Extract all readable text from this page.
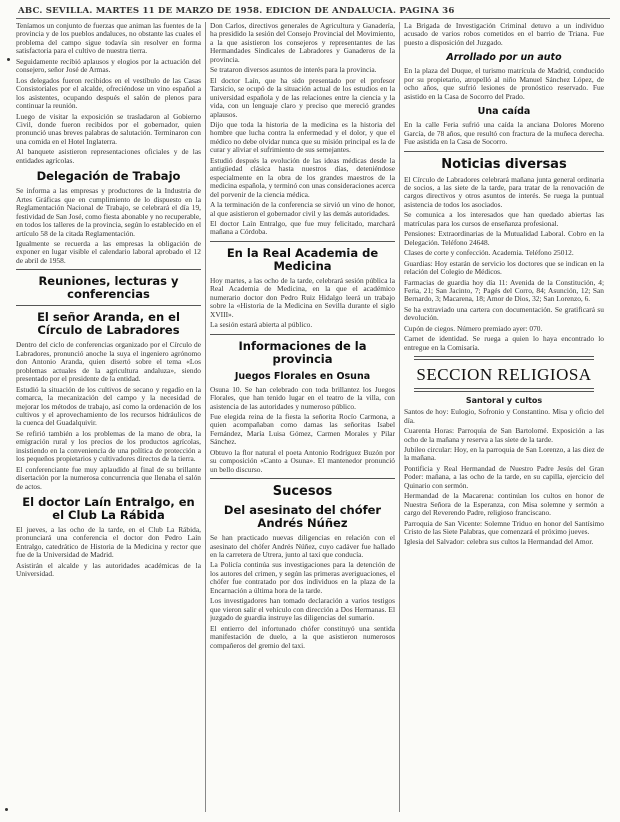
ABC. SEVILLA. MARTES 11 DE MARZO DE 1958. EDICION DE ANDALUCIA. PAGINA 36

Teníamos un conjunto de fuerzas que animan las fuentes de la provincia y de los pueblos andaluces, no obstante las cuales el problema del campo sigue todavía sin resolver en forma satisfactoria para el cultivo de nuestra tierra.

Seguidamente recibió aplausos y elogios por la actuación del consejero, señor José de Armas.

Los delegados fueron recibidos en el vestíbulo de las Casas Consistoriales por el alcalde, ofreciéndose un vino español a los asistentes, ocupando después el salón de plenos para continuar la reunión.

Luego de visitar la exposición se trasladaron al Gobierno Civil, donde fueron recibidos por el gobernador, quien pronunció unas breves palabras de salutación. Terminaron con una comida en el Hotel Inglaterra.

Al banquete asistieron representaciones oficiales y de las entidades agrícolas.

Delegación de Trabajo

Se informa a las empresas y productores de la Industria de Artes Gráficas que en cumplimiento de lo dispuesto en la Reglamentación Nacional de Trabajo, se celebrará el día 19, festividad de San José, como fiesta abonable y no recuperable, en todos los talleres de la provincia, según lo establecido en el artículo 58 de la citada Reglamentación.

Igualmente se recuerda a las empresas la obligación de exponer en lugar visible el calendario laboral aprobado el 12 de abril de 1958.

Reuniones, lecturas y conferencias
El señor Aranda, en el Círculo de Labradores

Dentro del ciclo de conferencias organizado por el Círculo de Labradores, pronunció anoche la suya el ingeniero agrónomo don Antonio Aranda, quien disertó sobre el tema «Los problemas actuales de la agricultura andaluza», siendo presentado por el presidente de la entidad.

Estudió la situación de los cultivos de secano y regadío en la comarca, la mecanización del campo y la necesidad de mejorar los métodos de trabajo, así como la ordenación de los cultivos y el aprovechamiento de los recursos hidráulicos de la cuenca del Guadalquivir.

Se refirió también a los problemas de la mano de obra, la emigración rural y los precios de los productos agrícolas, insistiendo en la conveniencia de una política de protección a los pequeños propietarios y cultivadores directos de la tierra.

El conferenciante fue muy aplaudido al final de su brillante disertación por la numerosa concurrencia que llenaba el salón de actos.

El doctor Laín Entralgo, en el Club La Rábida

El jueves, a las ocho de la tarde, en el Club La Rábida, pronunciará una conferencia el doctor don Pedro Laín Entralgo, catedrático de Historia de la Medicina y rector que fue de la Universidad de Madrid.

Asistirán el alcalde y las autoridades académicas de la Universidad.

Don Carlos, directivos generales de Agricultura y Ganadería, ha presidido la sesión del Consejo Provincial del Movimiento, a la que asistieron los consejeros y representantes de las Hermandades Sindicales de Labradores y Ganaderos de la provincia.

Se trataron diversos asuntos de interés para la provincia.

El doctor Laín, que ha sido presentado por el profesor Tarsicio, se ocupó de la situación actual de los estudios en la universidad española y de las relaciones entre la ciencia y la vida, con un lenguaje claro y preciso que mereció grandes aplausos.

Dijo que toda la historia de la medicina es la historia del hombre que lucha contra la enfermedad y el dolor, y que el médico no debe olvidar nunca que su misión principal es la de curar y aliviar el sufrimiento de sus semejantes.

Estudió después la evolución de las ideas médicas desde la antigüedad clásica hasta nuestros días, deteniéndose especialmente en la obra de los grandes maestros de la medicina española, y terminó con unas consideraciones acerca del porvenir de la ciencia médica.

A la terminación de la conferencia se sirvió un vino de honor, al que asistieron el gobernador civil y las demás autoridades.

El doctor Laín Entralgo, que fue muy felicitado, marchará mañana a Córdoba.

En la Real Academia de Medicina

Hoy martes, a las ocho de la tarde, celebrará sesión pública la Real Academia de Medicina, en la que el académico numerario doctor don Pedro Ruiz Hidalgo leerá un trabajo sobre la «Historia de la Medicina en Sevilla durante el siglo XVIII».

La sesión estará abierta al público.

Informaciones de la provincia
Juegos Florales en Osuna

Osuna 10. Se han celebrado con toda brillantez los Juegos Florales, que han tenido lugar en el teatro de la villa, con asistencia de las autoridades y numeroso público.

Fue elegida reina de la fiesta la señorita Rocío Carmona, a quien acompañaban como damas las señoritas Isabel Fernández, María Luisa Gómez, Carmen Morales y Pilar Sánchez.

Obtuvo la flor natural el poeta Antonio Rodríguez Buzón por su composición «Canto a Osuna». El mantenedor pronunció un bello discurso.

Sucesos
Del asesinato del chófer Andrés Núñez

Se han practicado nuevas diligencias en relación con el asesinato del chófer Andrés Núñez, cuyo cadáver fue hallado en la carretera de Utrera, junto al taxi que conducía.

La Policía continúa sus investigaciones para la detención de los autores del crimen, y según las primeras averiguaciones, el chófer fue contratado por dos individuos en la plaza de la Encarnación a última hora de la tarde.

Los investigadores han tomado declaración a varios testigos que vieron salir el vehículo con dirección a Dos Hermanas. El juzgado de guardia instruye las diligencias del sumario.

El entierro del infortunado chófer constituyó una sentida manifestación de duelo, a la que asistieron numerosos compañeros del gremio del taxi.

La Brigada de Investigación Criminal detuvo a un individuo acusado de varios robos cometidos en el barrio de Triana. Fue puesto a disposición del Juzgado.

Arrollado por un auto

En la plaza del Duque, el turismo matrícula de Madrid, conducido por su propietario, atropelló al niño Manuel Sánchez López, de ocho años, que sufrió lesiones de pronóstico reservado. Fue asistido en la Casa de Socorro del Prado.

Una caída

En la calle Feria sufrió una caída la anciana Dolores Moreno García, de 78 años, que resultó con fractura de la muñeca derecha. Fue asistida en la Casa de Socorro.

Noticias diversas

El Círculo de Labradores celebrará mañana junta general ordinaria de socios, a las siete de la tarde, para tratar de la renovación de cargos directivos y otros asuntos de interés. Se ruega la puntual asistencia de todos los asociados.

Se comunica a los interesados que han quedado abiertas las matrículas para los cursos de enseñanza profesional.

Pensiones: Extraordinarias de la Mutualidad Laboral. Cobro en la Delegación. Teléfono 24648.

Clases de corte y confección. Academia. Teléfono 25012.

Guardias: Hoy estarán de servicio los doctores que se indican en la relación del Colegio de Médicos.

Farmacias de guardia hoy día 11: Avenida de la Constitución, 4; Feria, 21; San Jacinto, 7; Pagés del Corro, 84; Asunción, 12; San Bernardo, 3; Macarena, 18; Amor de Dios, 32; San Lorenzo, 6.

Se ha extraviado una cartera con documentación. Se gratificará su devolución.

Cupón de ciegos. Número premiado ayer: 070.

Carnet de identidad. Se ruega a quien lo haya encontrado lo entregue en la Comisaría.

SECCION RELIGIOSA
Santoral y cultos

Santos de hoy: Eulogio, Sofronio y Constantino. Misa y oficio del día.

Cuarenta Horas: Parroquia de San Bartolomé. Exposición a las ocho de la mañana y reserva a las siete de la tarde.

Jubileo circular: Hoy, en la parroquia de San Lorenzo, a las diez de la mañana.

Pontificia y Real Hermandad de Nuestro Padre Jesús del Gran Poder: mañana, a las ocho de la tarde, en su capilla, ejercicio del Quinario con sermón.

Hermandad de la Macarena: continúan los cultos en honor de Nuestra Señora de la Esperanza, con Misa solemne y sermón a cargo del Reverendo Padre, religioso franciscano.

Parroquia de San Vicente: Solemne Triduo en honor del Santísimo Cristo de las Siete Palabras, que comenzará el próximo jueves.

Iglesia del Salvador: celebra sus cultos la Hermandad del Amor.
